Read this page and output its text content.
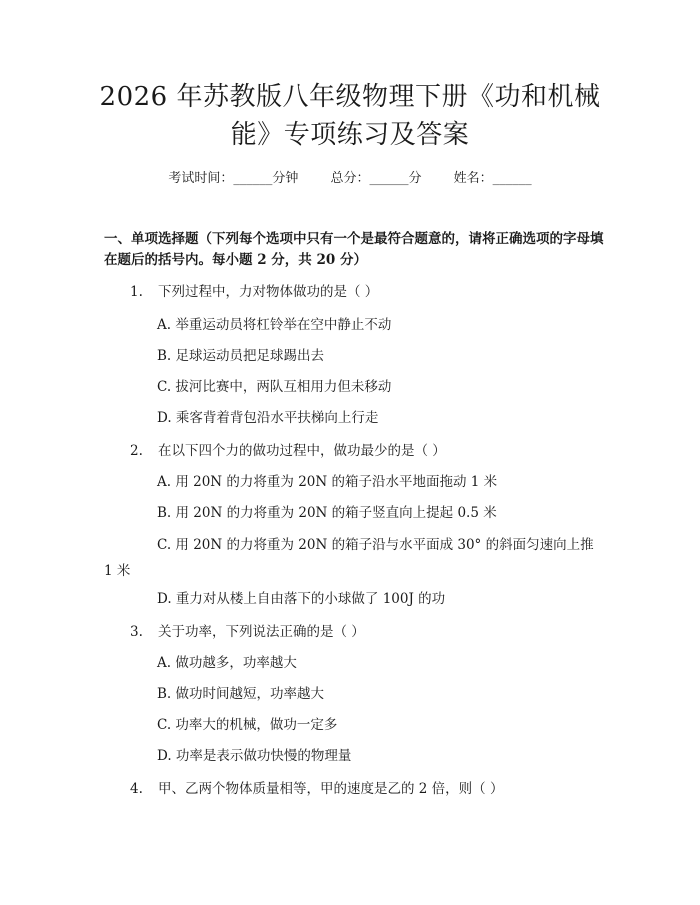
2026 年苏教版八年级物理下册《功和机械
能》专项练习及答案
考试时间：______分钟 总分：______分 姓名：______
一、单项选择题（下列每个选项中只有一个是最符合题意的，请将正确选项的字母填在题后的括号内。每小题 2 分，共 20 分）
1. 下列过程中，力对物体做功的是（ ）
A. 举重运动员将杠铃举在空中静止不动
B. 足球运动员把足球踢出去
C. 拔河比赛中，两队互相用力但未移动
D. 乘客背着背包沿水平扶梯向上行走
2. 在以下四个力的做功过程中，做功最少的是（ ）
A. 用 20N 的力将重为 20N 的箱子沿水平地面拖动 1 米
B. 用 20N 的力将重为 20N 的箱子竖直向上提起 0.5 米
C. 用 20N 的力将重为 20N 的箱子沿与水平面成 30° 的斜面匀速向上推 1 米
D. 重力对从楼上自由落下的小球做了 100J 的功
3. 关于功率，下列说法正确的是（ ）
A. 做功越多，功率越大
B. 做功时间越短，功率越大
C. 功率大的机械，做功一定多
D. 功率是表示做功快慢的物理量
4. 甲、乙两个物体质量相等，甲的速度是乙的 2 倍，则（ ）
